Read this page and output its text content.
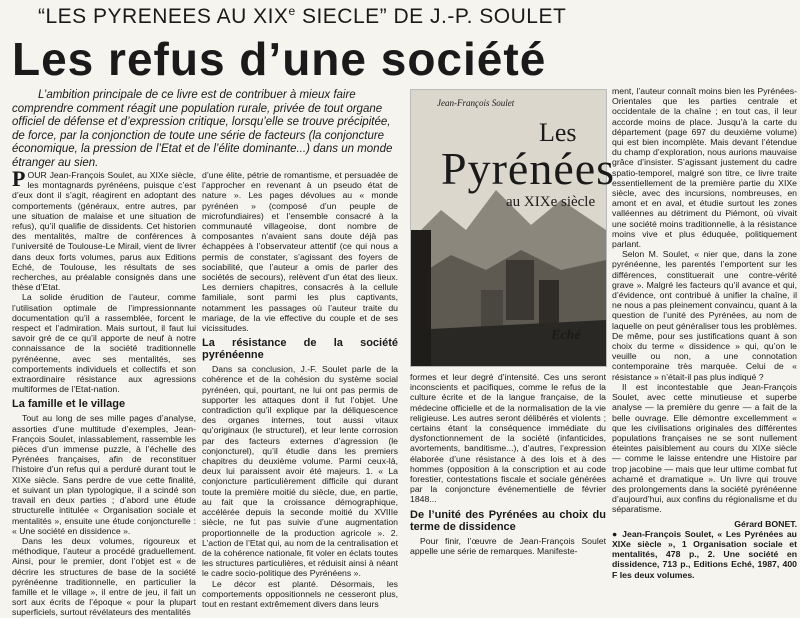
“LES PYRENEES AU XIXe SIECLE” DE J.-P. SOULET
Les refus d’une société
L’ambition principale de ce livre est de contribuer à mieux faire comprendre comment réagit une population rurale, privée de tout organe officiel de défense et d’expression critique, lorsqu’elle se trouve précipitée, de force, par la conjonction de toute une série de facteurs (la conjoncture économique, la pression de l’Etat et de l’élite dominante...) dans un monde étranger au sien.
Jean-François Soulet
Les
Pyrénées
au XIXe siècle
Eché

POUR Jean-François Soulet, au XIXe siècle, les montagnards pyrénéens, puisque c’est d’eux dont il s’agit, réagirent en adoptant des comportements (généraux, entre autres, par une situation de malaise et une situation de refus), qu’il qualifie de dissidents. Cet historien des mentalités, maître de conférences à l’université de Toulouse-Le Mirail, vient de livrer dans deux forts volumes, parus aux Editions Eché, de Toulouse, les résultats de ses recherches, au préalable consignés dans une thèse d’Etat.

La solide érudition de l’auteur, comme l’utilisation optimale de l’impressionnante documentation qu’il a rassemblée, forcent le respect et l’admiration. Mais surtout, il faut lui savoir gré de ce qu’il apporte de neuf à notre connaissance de la société traditionnelle pyrénéenne, avec ses mentalités, ses comportements individuels et collectifs et son extraordinaire résistance aux agressions multiformes de l’Etat-nation.

La famille et le village

Tout au long de ses mille pages d’analyse, assorties d’une multitude d’exemples, Jean-François Soulet, inlassablement, rassemble les pièces d’un immense puzzle, à l’échelle des Pyrénées françaises, afin de reconstituer l’histoire d’un refus qui a perduré durant tout le XIXe siècle. Sans perdre de vue cette finalité, et suivant un plan typologique, il a scindé son travail en deux parties ; d’abord une étude structurelle intitulée « Organisation sociale et mentalités », ensuite une étude conjoncturelle : « Une société en dissidence ».

Dans les deux volumes, rigoureux et méthodique, l’auteur a procédé graduellement. Ainsi, pour le premier, dont l’objet est « de décrire les structures de base de la société pyrénéenne traditionnelle, en particulier la famille et le village », il entre de jeu, il fait un sort aux écrits de l’époque « pour la plupart superficiels, surtout révélateurs des mentalités

d’une élite, pétrie de romantisme, et persuadée de l’approcher en revenant à un pseudo état de nature ». Les pages dévolues au « monde pyrénéen » (composé d’un peuple de microfundiaires) et l’ensemble consacré à la communauté villageoise, dont nombre de composantes n’avaient sans doute déjà pas échappées à l’observateur attentif (ce qui nous a permis de constater, s’agissant des foyers de sociabilité, que l’auteur a omis de parler des sociétés de secours), relèvent d’un état des lieux. Les derniers chapitres, consacrés à la cellule familiale, sont parmi les plus captivants, notamment les passages où l’auteur traite du mariage, de la vie effective du couple et de ses vicissitudes.

La résistance de la société pyrénéenne

Dans sa conclusion, J.-F. Soulet parle de la cohérence et de la cohésion du système social pyrénéen, qui, pourtant, ne lui ont pas permis de supporter les attaques dont il fut l’objet. Une contradiction qu’il explique par la déliquescence des organes internes, tout aussi vitaux qu’originaux (le structurel), et leur lente corrosion par des facteurs externes d’agression (le conjoncturel), qu’il étudie dans les premiers chapitres du deuxième volume. Parmi ceux-là, deux lui paraissent avoir été majeurs. 1. « La conjoncture particulièrement difficile qui durant toute la première moitié du siècle, due, en partie, au fait que la croissance démographique, accélérée depuis la seconde moitié du XVIIIe siècle, ne fut pas suivie d’une augmentation proportionnelle de la production agricole ». 2. L’action de l’Etat qui, au nom de la centralisation et de la cohérence nationale, fit voler en éclats toutes les structures particulières, et réduisit ainsi à néant le cadre socio-politique des Pyrénéens ».

Le décor est planté. Désormais, les comportements oppositionnels ne cesseront plus, tout en restant extrêmement divers dans leurs

formes et leur degré d’intensité. Ces uns seront inconscients et pacifiques, comme le refus de la culture écrite et de la langue française, de la médecine officielle et de la normalisation de la vie religieuse. Les autres seront délibérés et violents ; certains étant la conséquence immédiate du dysfonctionnement de la société (infanticides, avortements, banditisme...), d’autres, l’expression élaborée d’une résistance à des lois et à des hommes (opposition à la conscription et au code forestier, contestations fiscale et sociale générées par la conjoncture événementielle de février 1848...

De l’unité des Pyrénées au choix du terme de dissidence

Pour finir, l’œuvre de Jean-François Soulet appelle une série de remarques. Manifeste-

ment, l’auteur connaît moins bien les Pyrénées-Orientales que les parties centrale et occidentale de la chaîne ; en tout cas, il leur accorde moins de place. Jusqu’à la carte du département (page 697 du deuxième volume) qui est bien incomplète. Mais devant l’étendue du champ d’exploration, nous aurions mauvaise grâce d’insister. S’agissant justement du cadre spatio-temporel, malgré son titre, ce livre traite essentiellement de la première partie du XIXe siècle, avec des incursions, nombreuses, en amont et en aval, et étudie surtout les zones valléennes au détriment du Piémont, où vivait une société moins traditionnelle, à la résistance moins vive et plus éduquée, politiquement parlant.

Selon M. Soulet, « nier que, dans la zone pyrénéenne, les parentés l’emportent sur les différences, constituerait une contre-vérité grave ». Malgré les facteurs qu’il avance et qui, d’évidence, ont contribué à unifier la chaîne, il ne nous a pas pleinement convaincu, quant à la question de l’unité des Pyrénées, au nom de laquelle on peut généraliser tous les problèmes. De même, pour ses justifications quant à son choix du terme « dissidence » qui, qu’on le veuille ou non, a une connotation contemporaine très marquée. Celui de « résistance » n’était-il pas plus indiqué ?

Il est incontestable que Jean-François Soulet, avec cette minutieuse et superbe analyse — la première du genre — a fait de la belle ouvrage. Elle démontre excellemment « que les civilisations originales des différentes populations françaises ne se sont nullement éteintes paisiblement au cours du XIXe siècle — comme le laisse entendre une Histoire par trop jacobine — mais que leur ultime combat fut acharné et dramatique ». Un livre qui trouve des prolongements dans la société pyrénéenne d’aujourd’hui, aux confins du régionalisme et du séparatisme.

Gérard BONET.

● Jean-François Soulet, « Les Pyrénées au XIXe siècle », 1 Organisation sociale et mentalités, 478 p., 2. Une société en dissidence, 713 p., Editions Eché, 1987, 400 F les deux volumes.
